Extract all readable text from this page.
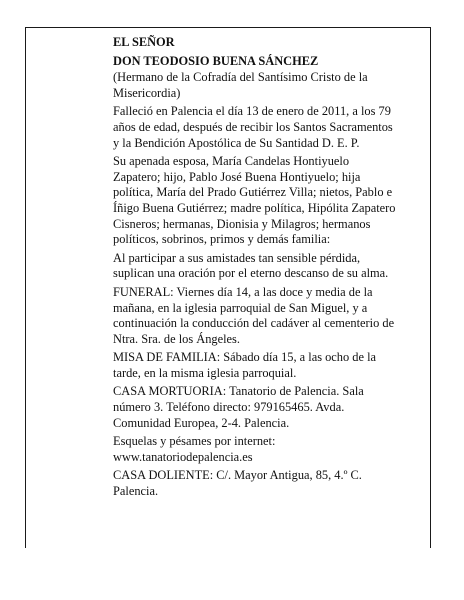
EL SEÑOR

DON TEODOSIO BUENA SÁNCHEZ

(Hermano de la Cofradía del Santísimo Cristo de la Misericordia)

Falleció en Palencia el día 13 de enero de 2011, a los 79 años de edad, después de recibir los Santos Sacramentos y la Bendición Apostólica de Su Santidad D. E. P.

Su apenada esposa, María Candelas Hontiyuelo Zapatero; hijo, Pablo José Buena Hontiyuelo; hija política, María del Prado Gutiérrez Villa; nietos, Pablo e Íñigo Buena Gutiérrez; madre política, Hipólita Zapatero Cisneros; hermanas, Dionisia y Milagros; hermanos políticos, sobrinos, primos y demás familia:

Al participar a sus amistades tan sensible pérdida, suplican una oración por el eterno descanso de su alma.

FUNERAL: Viernes día 14, a las doce y media de la mañana, en la iglesia parroquial de San Miguel, y a continuación la conducción del cadáver al cementerio de Ntra. Sra. de los Ángeles.

MISA DE FAMILIA: Sábado día 15, a las ocho de la tarde, en la misma iglesia parroquial.

CASA MORTUORIA: Tanatorio de Palencia. Sala número 3. Teléfono directo: 979165465. Avda. Comunidad Europea, 2-4. Palencia.

Esquelas y pésames por internet: www.tanatoriodepalencia.es

CASA DOLIENTE: C/. Mayor Antigua, 85, 4.º C. Palencia.
